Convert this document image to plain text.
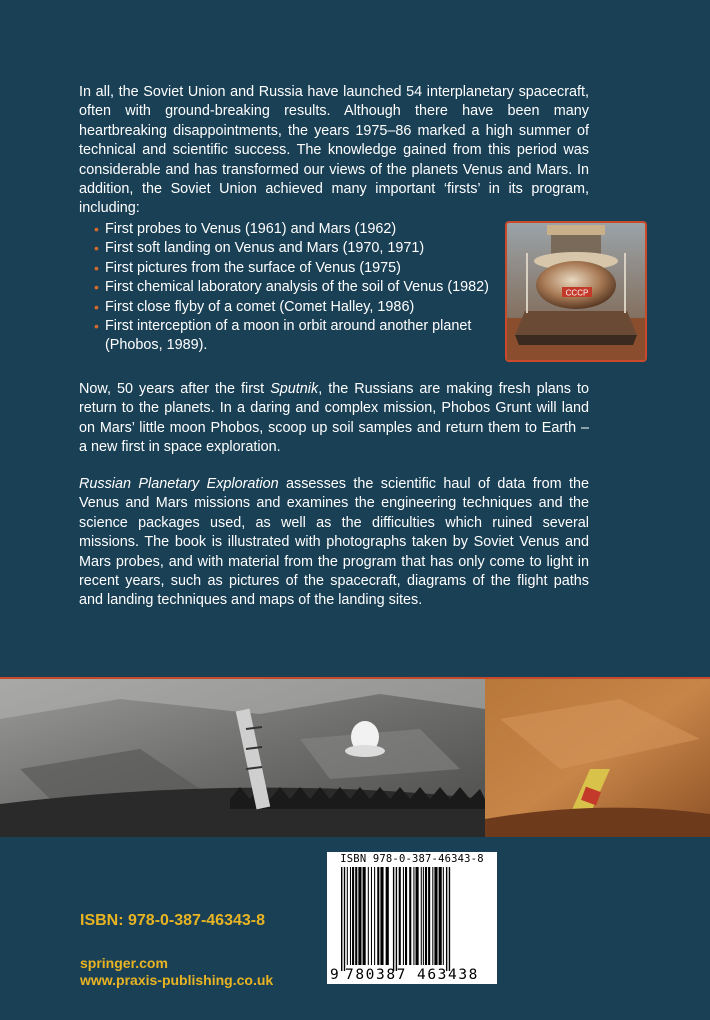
In all, the Soviet Union and Russia have launched 54 interplanetary spacecraft, often with ground-breaking results. Although there have been many heartbreaking disappointments, the years 1975–86 marked a high summer of technical and scientific success. The knowledge gained from this period was considerable and has transformed our views of the planets Venus and Mars. In addition, the Soviet Union achieved many important ‘firsts’ in its program, including:

• First probes to Venus (1961) and Mars (1962)
• First soft landing on Venus and Mars (1970, 1971)
• First pictures from the surface of Venus (1975)
• First chemical laboratory analysis of the soil of Venus (1982)
• First close flyby of a comet (Comet Halley, 1986)
• First interception of a moon in orbit around another planet (Phobos, 1989).
СССР

Now, 50 years after the first Sputnik, the Russians are making fresh plans to return to the planets. In a daring and complex mission, Phobos Grunt will land on Mars’ little moon Phobos, scoop up soil samples and return them to Earth – a new first in space exploration.

Russian Planetary Exploration assesses the scientific haul of data from the Venus and Mars missions and examines the engineering techniques and the science packages used, as well as the difficulties which ruined several missions. The book is illustrated with photographs taken by Soviet Venus and Mars probes, and with material from the program that has only come to light in recent years, such as pictures of the spacecraft, diagrams of the flight paths and landing techniques and maps of the landing sites.

ISBN: 978-0-387-46343-8
springer.com
www.praxis-publishing.co.uk
ISBN 978-0-387-46343-8
9 780387 463438
